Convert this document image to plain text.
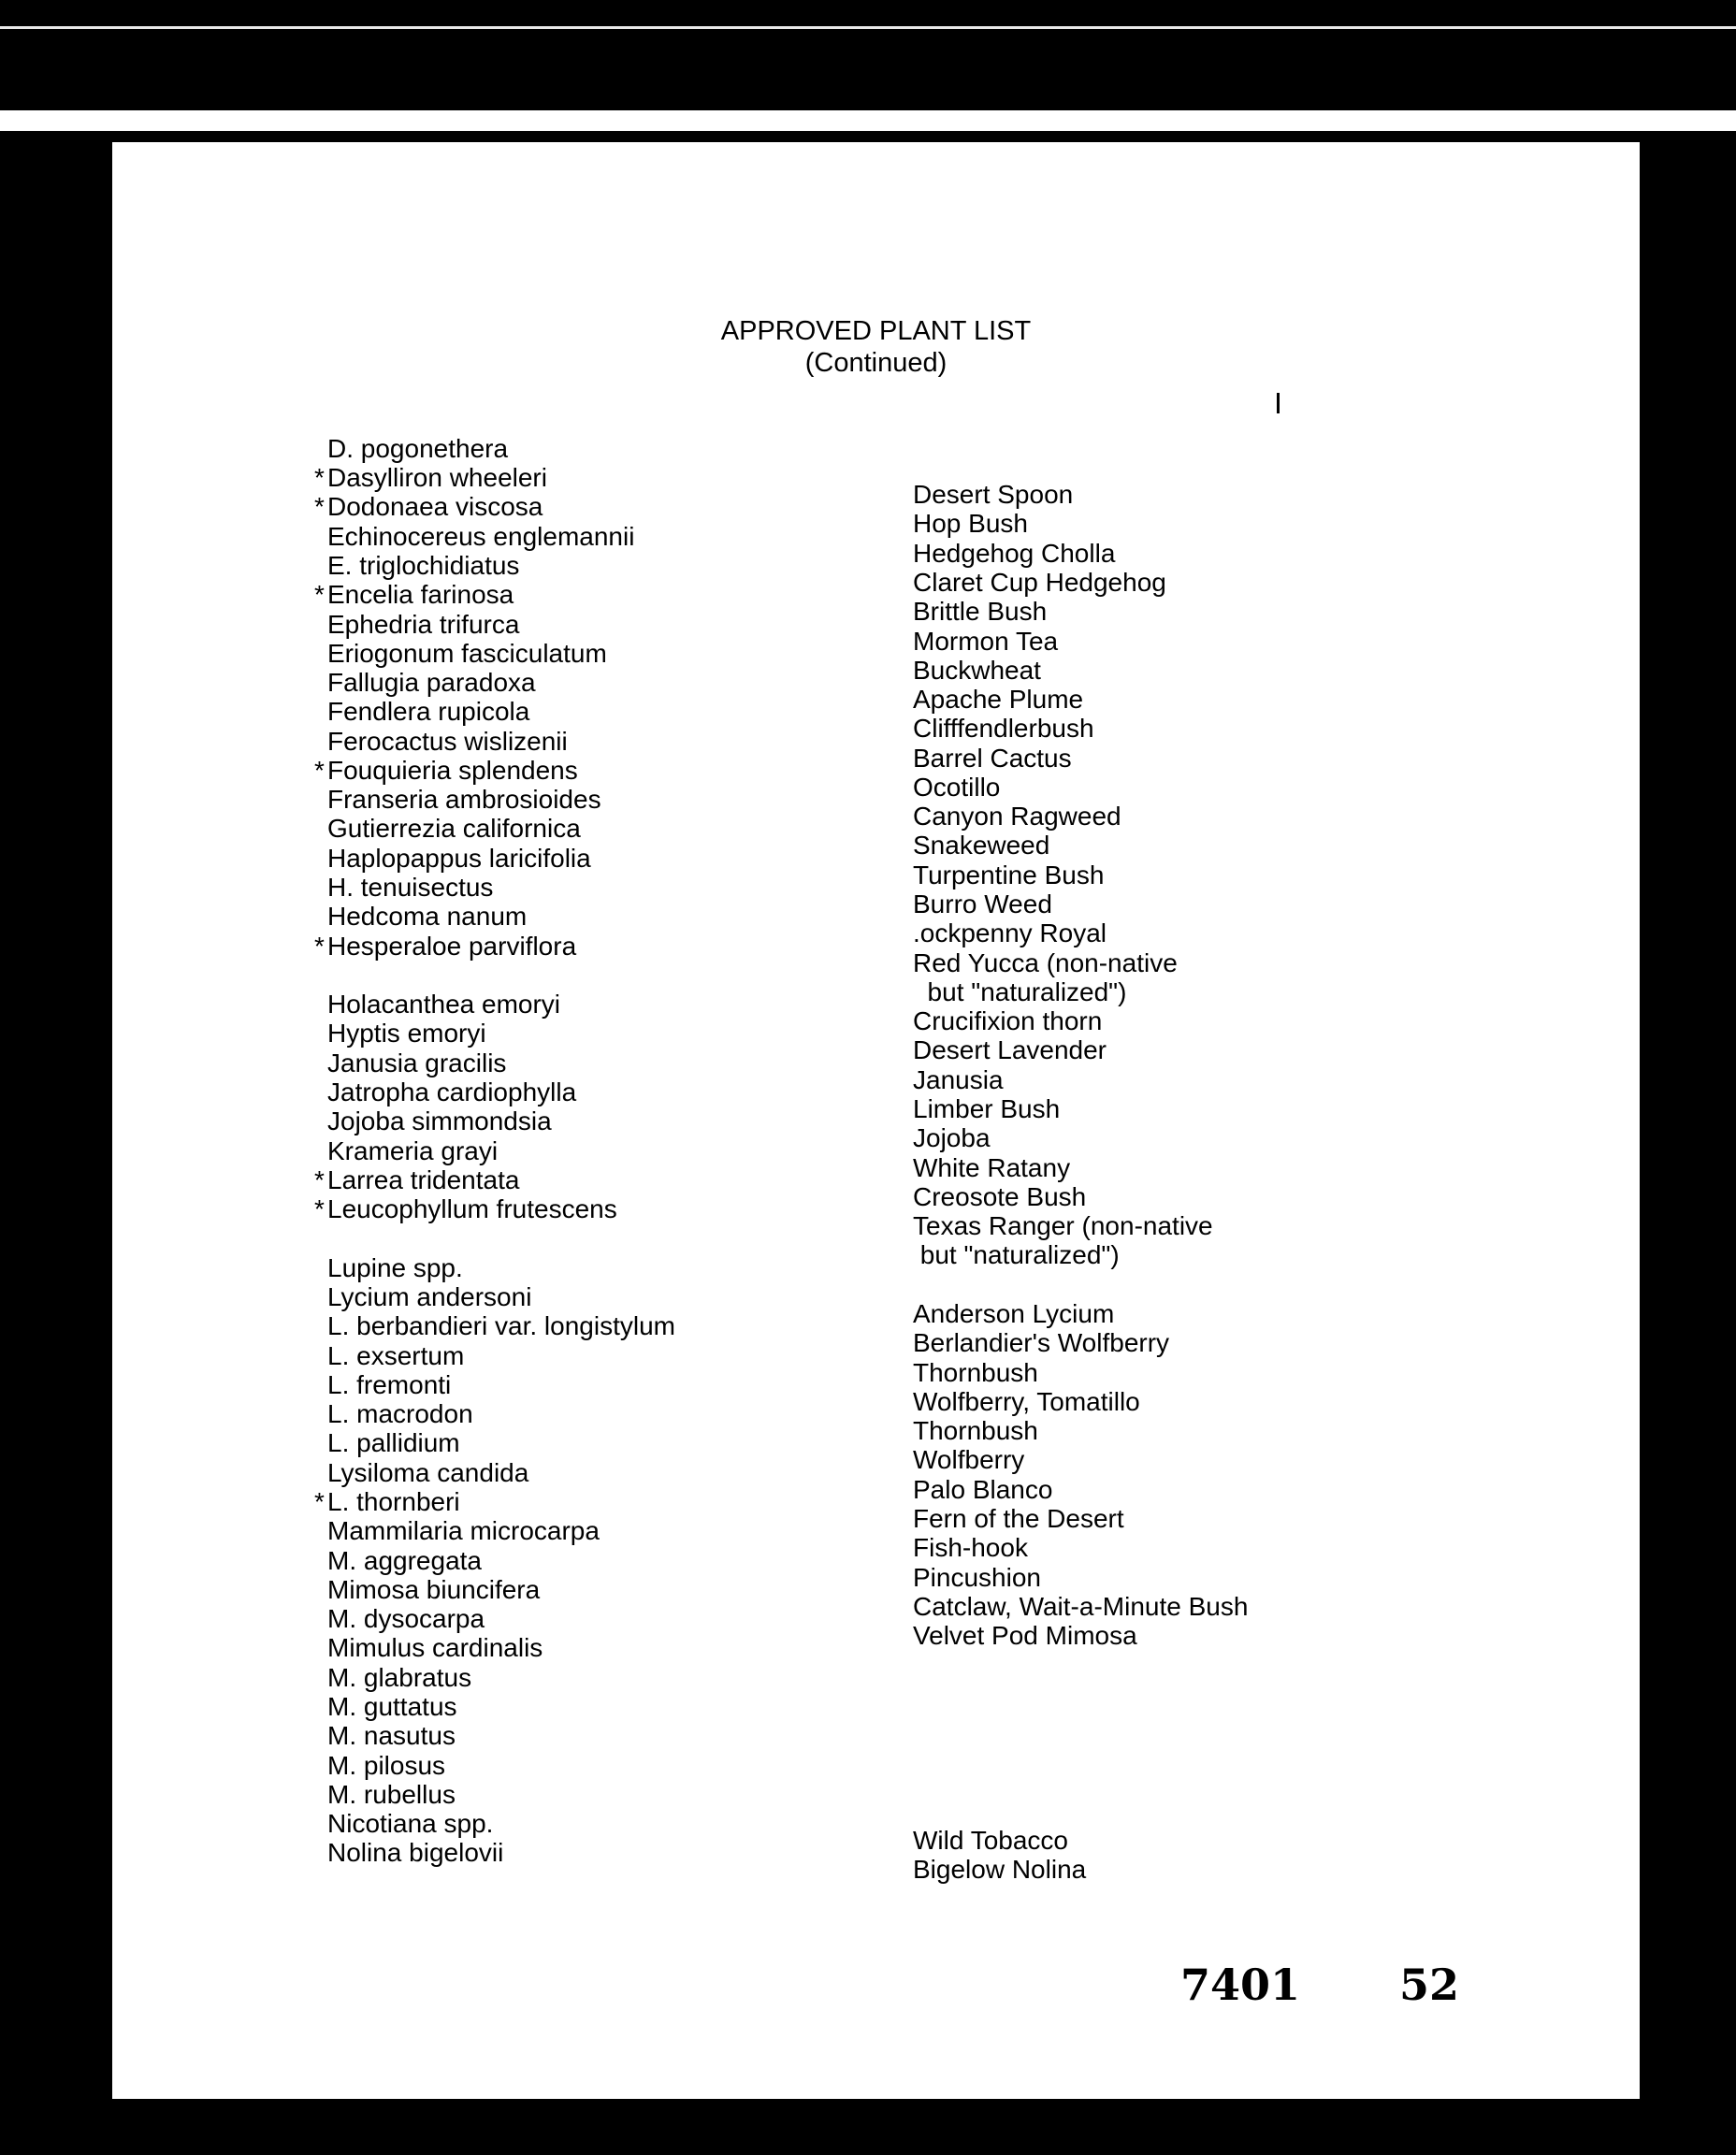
APPROVED PLANT LIST
(Continued)
D. pogonethera
* Dasylliron wheeleri
Desert Spoon
* Dodonaea viscosa
Hop Bush
Echinocereus englemannii
Hedgehog Cholla
E. triglochidiatus
Claret Cup Hedgehog
* Encelia farinosa
Brittle Bush
Ephedria trifurca
Mormon Tea
Eriogonum fasciculatum
Buckwheat
Fallugia paradoxa
Apache Plume
Fendlera rupicola
Clifffendlerbush
Ferocactus wislizenii
Barrel Cactus
* Fouquieria splendens
Ocotillo
Franseria ambrosioides
Canyon Ragweed
Gutierrezia californica
Snakeweed
Haplopappus laricifolia
Turpentine Bush
H. tenuisectus
Burro Weed
Hedcoma nanum
.ockpenny Royal
* Hesperaloe parviflora
Red Yucca (non-native
but "naturalized")
Holacanthea emoryi
Crucifixion thorn
Hyptis emoryi
Desert Lavender
Janusia gracilis
Janusia
Jatropha cardiophylla
Limber Bush
Jojoba simmondsia
Jojoba
Krameria grayi
White Ratany
* Larrea tridentata
Creosote Bush
* Leucophyllum frutescens
Texas Ranger (non-native
but "naturalized")
Lupine spp.
Lycium andersoni
Anderson Lycium
L. berbandieri var. longistylum
Berlandier's Wolfberry
L. exsertum
Thornbush
L. fremonti
Wolfberry, Tomatillo
L. macrodon
Thornbush
L. pallidium
Wolfberry
Lysiloma candida
Palo Blanco
* L. thornberi
Fern of the Desert
Mammilaria microcarpa
Fish-hook
M. aggregata
Pincushion
Mimosa biuncifera
Catclaw, Wait-a-Minute Bush
M. dysocarpa
Velvet Pod Mimosa
Mimulus cardinalis
M. glabratus
M. guttatus
M. nasutus
M. pilosus
M. rubellus
Nicotiana spp.
Wild Tobacco
Nolina bigelovii
Bigelow Nolina
7401 52
